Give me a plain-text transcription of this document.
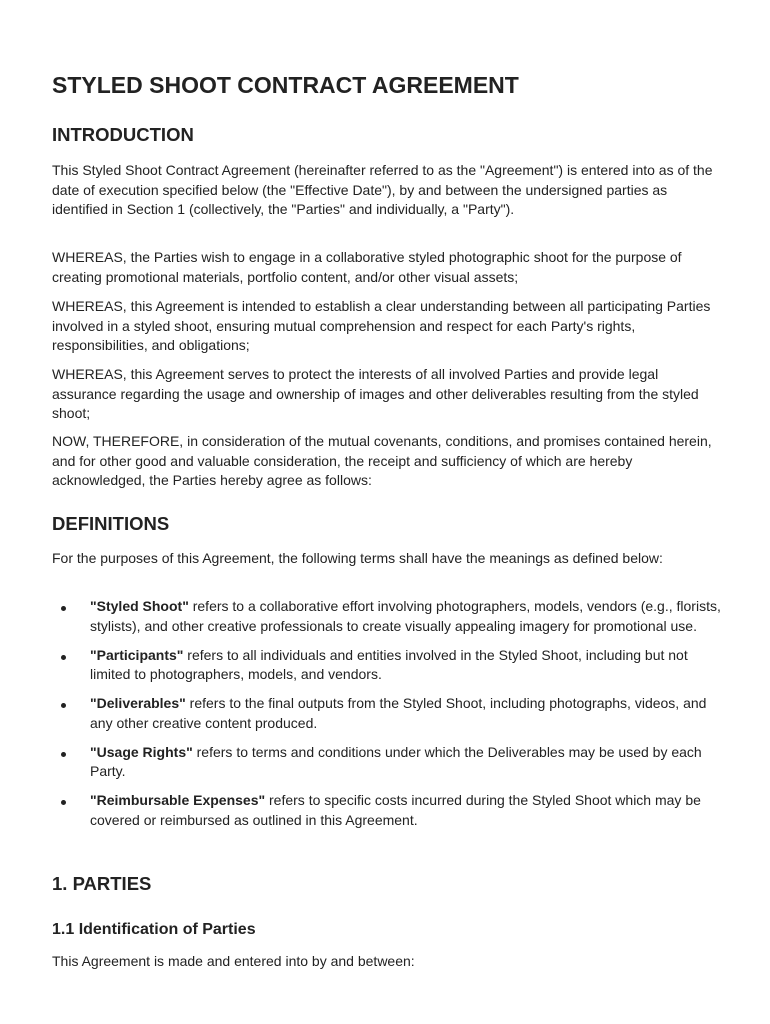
STYLED SHOOT CONTRACT AGREEMENT
INTRODUCTION

This Styled Shoot Contract Agreement (hereinafter referred to as the "Agreement") is entered into as of the date of execution specified below (the "Effective Date"), by and between the undersigned parties as identified in Section 1 (collectively, the "Parties" and individually, a "Party").

WHEREAS, the Parties wish to engage in a collaborative styled photographic shoot for the purpose of creating promotional materials, portfolio content, and/or other visual assets;

WHEREAS, this Agreement is intended to establish a clear understanding between all participating Parties involved in a styled shoot, ensuring mutual comprehension and respect for each Party's rights, responsibilities, and obligations;

WHEREAS, this Agreement serves to protect the interests of all involved Parties and provide legal assurance regarding the usage and ownership of images and other deliverables resulting from the styled shoot;

NOW, THEREFORE, in consideration of the mutual covenants, conditions, and promises contained herein, and for other good and valuable consideration, the receipt and sufficiency of which are hereby acknowledged, the Parties hereby agree as follows:

DEFINITIONS

For the purposes of this Agreement, the following terms shall have the meanings as defined below:

"Styled Shoot" refers to a collaborative effort involving photographers, models, vendors (e.g., florists, stylists), and other creative professionals to create visually appealing imagery for promotional use.
"Participants" refers to all individuals and entities involved in the Styled Shoot, including but not limited to photographers, models, and vendors.
"Deliverables" refers to the final outputs from the Styled Shoot, including photographs, videos, and any other creative content produced.
"Usage Rights" refers to terms and conditions under which the Deliverables may be used by each Party.
"Reimbursable Expenses" refers to specific costs incurred during the Styled Shoot which may be covered or reimbursed as outlined in this Agreement.
1. PARTIES
1.1 Identification of Parties

This Agreement is made and entered into by and between:
